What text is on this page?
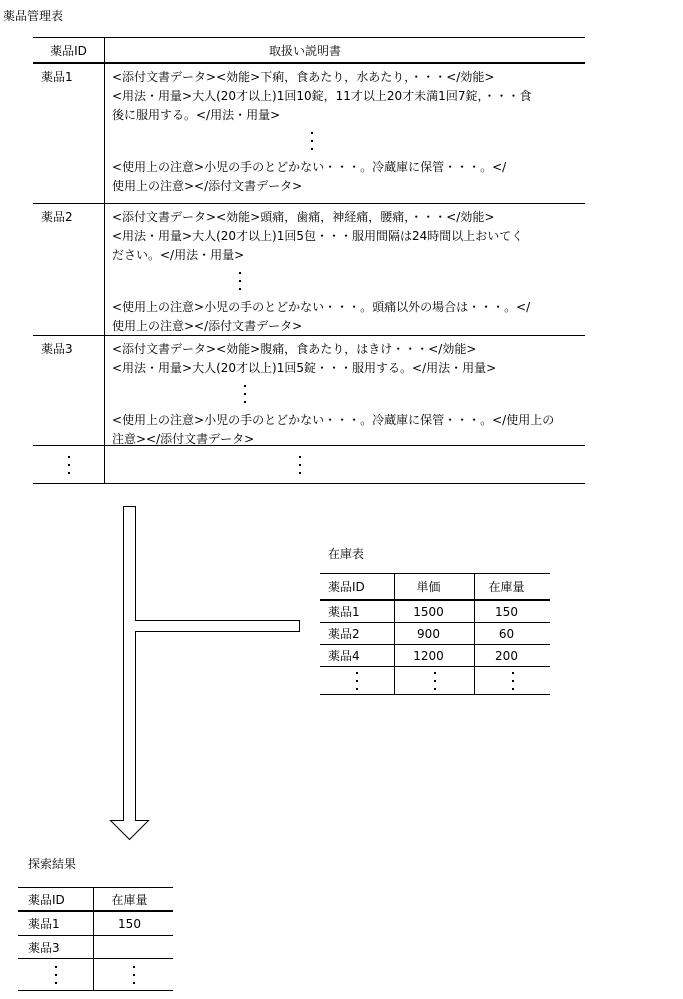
薬品管理表
薬品ID	取扱い説明書
薬品1	<添付文書データ><効能>下痢，食あたり，水あたり，・・・</効能>
<用法・用量>大人(20才以上)1回10錠，11才以上20才未満1回7錠，・・・食
後に服用する。</用法・用量>
<使用上の注意>小児の手のとどかない・・・。冷蔵庫に保管・・・。</
使用上の注意></添付文書データ>
薬品2	<添付文書データ><効能>頭痛，歯痛，神経痛，腰痛，・・・</効能>
<用法・用量>大人(20才以上)1回5包・・・服用間隔は24時間以上おいてく
ださい。</用法・用量>
<使用上の注意>小児の手のとどかない・・・。頭痛以外の場合は・・・。</
使用上の注意></添付文書データ>
薬品3	<添付文書データ><効能>腹痛，食あたり，はきけ・・・</効能>
<用法・用量>大人(20才以上)1回5錠・・・服用する。</用法・用量>
<使用上の注意>小児の手のとどかない・・・。冷蔵庫に保管・・・。</使用上の
注意></添付文書データ>
在庫表
薬品ID	単価	在庫量
薬品1	1500	150
薬品2	900	60
薬品4	1200	200
探索結果
薬品ID	在庫量
薬品1	150
薬品3
